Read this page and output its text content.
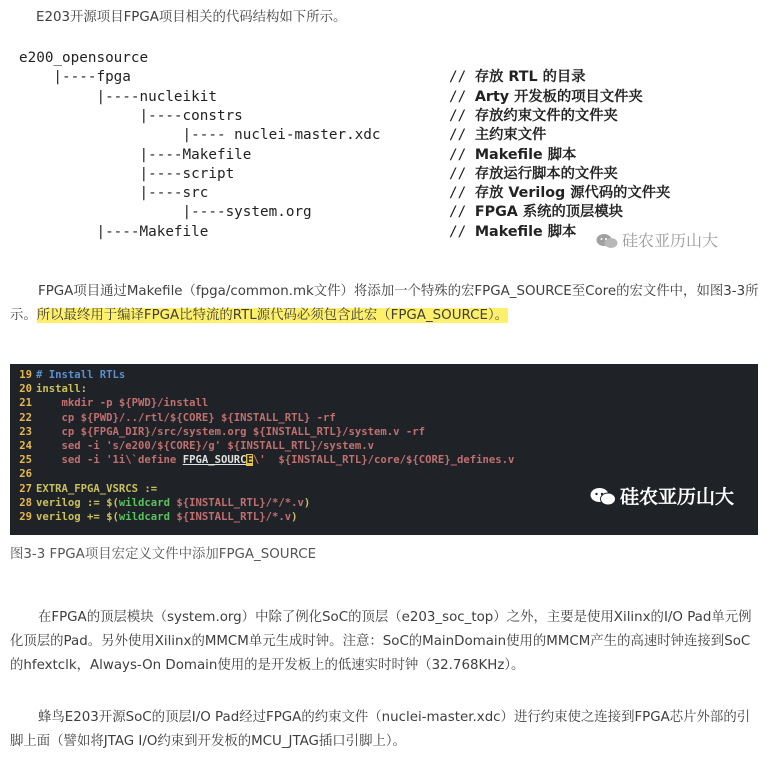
E203开源项目FPGA项目相关的代码结构如下所示。
e200_opensource
|----fpga	// 存放 RTL 的目录
|----nucleikit	// Arty 开发板的项目文件夹
|----constrs	// 存放约束文件的文件夹
|---- nuclei-master.xdc	// 主约束文件
|----Makefile	// Makefile 脚本
|----script	// 存放运行脚本的文件夹
|----src	// 存放 Verilog 源代码的文件夹
|----system.org	// FPGA 系统的顶层模块
|----Makefile	// Makefile 脚本	硅农亚历山大

FPGA项目通过Makefile（fpga/common.mk文件）将添加一个特殊的宏FPGA_SOURCE至Core的宏文件中，如图3-3所示。所以最终用于编译FPGA比特流的RTL源代码必须包含此宏（FPGA_SOURCE）。

硅农亚历山大
19 # Install RTLs
20 install:
21    mkdir -p ${PWD}/install
22    cp ${PWD}/../rtl/${CORE} ${INSTALL_RTL} -rf
23    cp ${FPGA_DIR}/src/system.org ${INSTALL_RTL}/system.v -rf
24    sed -i 's/e200/${CORE}/g' ${INSTALL_RTL}/system.v
25    sed -i '1i\`define FPGA_SOURCE\'  ${INSTALL_RTL}/core/${CORE}_defines.v
26
27 EXTRA_FPGA_VSRCS :=
28 verilog := $(wildcard ${INSTALL_RTL}/*/*.v)
29 verilog += $(wildcard ${INSTALL_RTL}/*.v)
图3-3 FPGA项目宏定义文件中添加FPGA_SOURCE

在FPGA的顶层模块（system.org）中除了例化SoC的顶层（e203_soc_top）之外，主要是使用Xilinx的I/O Pad单元例化顶层的Pad。另外使用Xilinx的MMCM单元生成时钟。注意：SoC的MainDomain使用的MMCM产生的高速时钟连接到SoC的hfextclk，Always-On Domain使用的是开发板上的低速实时时钟（32.768KHz）。

蜂鸟E203开源SoC的顶层I/O Pad经过FPGA的约束文件（nuclei-master.xdc）进行约束使之连接到FPGA芯片外部的引脚上面（譬如将JTAG I/O约束到开发板的MCU_JTAG插口引脚上）。
